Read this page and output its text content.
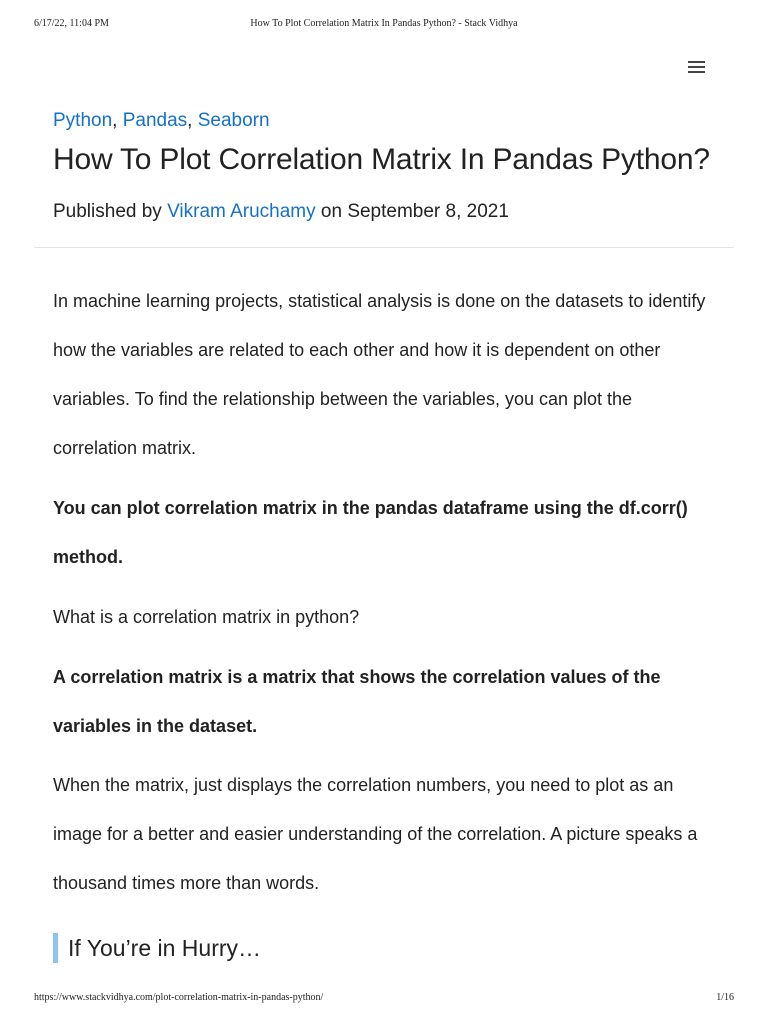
6/17/22, 11:04 PM	How To Plot Correlation Matrix In Pandas Python? - Stack Vidhya
Python, Pandas, Seaborn
How To Plot Correlation Matrix In Pandas Python?
Published by Vikram Aruchamy on September 8, 2021

In machine learning projects, statistical analysis is done on the datasets to identify how the variables are related to each other and how it is dependent on other variables. To find the relationship between the variables, you can plot the correlation matrix.

You can plot correlation matrix in the pandas dataframe using the df.corr() method.

What is a correlation matrix in python?

A correlation matrix is a matrix that shows the correlation values of the variables in the dataset.

When the matrix, just displays the correlation numbers, you need to plot as an image for a better and easier understanding of the correlation. A picture speaks a thousand times more than words.

If You’re in Hurry…
https://www.stackvidhya.com/plot-correlation-matrix-in-pandas-python/	1/16
